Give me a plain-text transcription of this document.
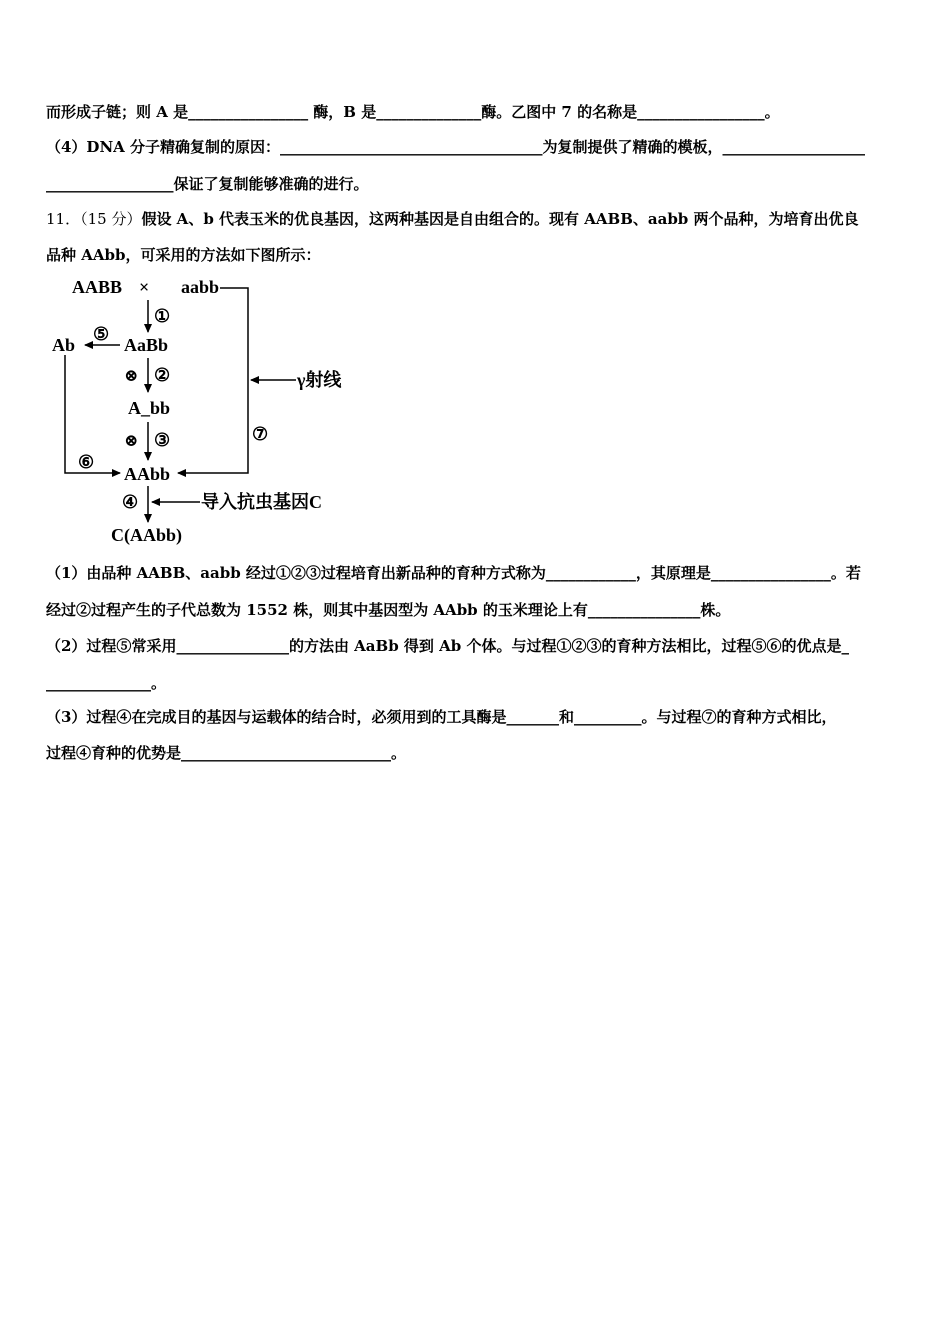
而形成子链；则 A 是________________ 酶，B 是______________酶。乙图中 7 的名称是_________________。
（4）DNA 分子精确复制的原因：___________________________________为复制提供了精确的模板，___________________
_________________保证了复制能够准确的进行。
11．（15 分）假设 A、b 代表玉米的优良基因，这两种基因是自由组合的。现有 AABB、aabb 两个品种，为培育出优良
品种 AAbb，可采用的方法如下图所示：
AABB × aabb
①
⑤
Ab	AaBb
⊗ ②	γ射线
A_bb
⑦
⊗ ③
⑥
AAbb
④	导入抗虫基因C
C(AAbb)
（1）由品种 AABB、aabb 经过①②③过程培育出新品种的育种方式称为____________，其原理是________________。若
经过②过程产生的子代总数为 1552 株，则其中基因型为 AAbb 的玉米理论上有_______________株。
（2）过程⑤常采用_______________的方法由 AaBb 得到 Ab 个体。与过程①②③的育种方法相比，过程⑤⑥的优点是_
______________。
（3）过程④在完成目的基因与运载体的结合时，必须用到的工具酶是_______和_________。与过程⑦的育种方式相比，
过程④育种的优势是____________________________。
